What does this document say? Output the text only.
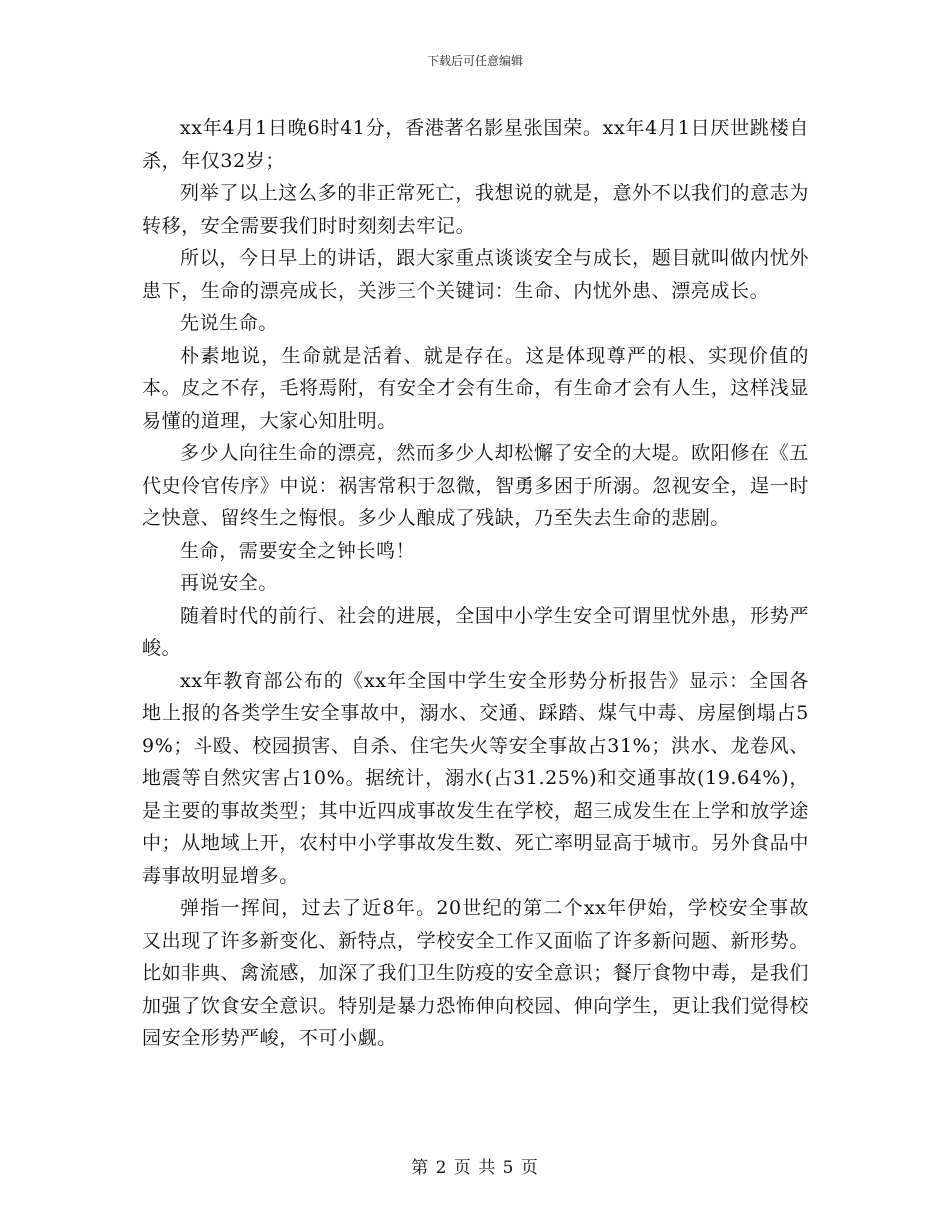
下载后可任意编辑

xx年4月1日晚6时41分，香港著名影星张国荣。xx年4月1日厌世跳楼自杀，年仅32岁；

列举了以上这么多的非正常死亡，我想说的就是，意外不以我们的意志为转移，安全需要我们时时刻刻去牢记。

所以，今日早上的讲话，跟大家重点谈谈安全与成长，题目就叫做内忧外患下，生命的漂亮成长，关涉三个关键词：生命、内忧外患、漂亮成长。

先说生命。

朴素地说，生命就是活着、就是存在。这是体现尊严的根、实现价值的本。皮之不存，毛将焉附，有安全才会有生命，有生命才会有人生，这样浅显易懂的道理，大家心知肚明。

多少人向往生命的漂亮，然而多少人却松懈了安全的大堤。欧阳修在《五代史伶官传序》中说：祸害常积于忽微，智勇多困于所溺。忽视安全，逞一时之快意、留终生之悔恨。多少人酿成了残缺，乃至失去生命的悲剧。

生命，需要安全之钟长鸣！

再说安全。

随着时代的前行、社会的进展，全国中小学生安全可谓里忧外患，形势严峻。

xx年教育部公布的《xx年全国中学生安全形势分析报告》显示：全国各地上报的各类学生安全事故中，溺水、交通、踩踏、煤气中毒、房屋倒塌占59%；斗殴、校园损害、自杀、住宅失火等安全事故占31%；洪水、龙卷风、地震等自然灾害占10%。据统计，溺水(占31.25%)和交通事故(19.64%)，是主要的事故类型；其中近四成事故发生在学校，超三成发生在上学和放学途中；从地域上开，农村中小学事故发生数、死亡率明显高于城市。另外食品中毒事故明显增多。

弹指一挥间，过去了近8年。20世纪的第二个xx年伊始，学校安全事故又出现了许多新变化、新特点，学校安全工作又面临了许多新问题、新形势。比如非典、禽流感，加深了我们卫生防疫的安全意识；餐厅食物中毒，是我们加强了饮食安全意识。特别是暴力恐怖伸向校园、伸向学生，更让我们觉得校园安全形势严峻，不可小觑。

第 2 页 共 5 页
